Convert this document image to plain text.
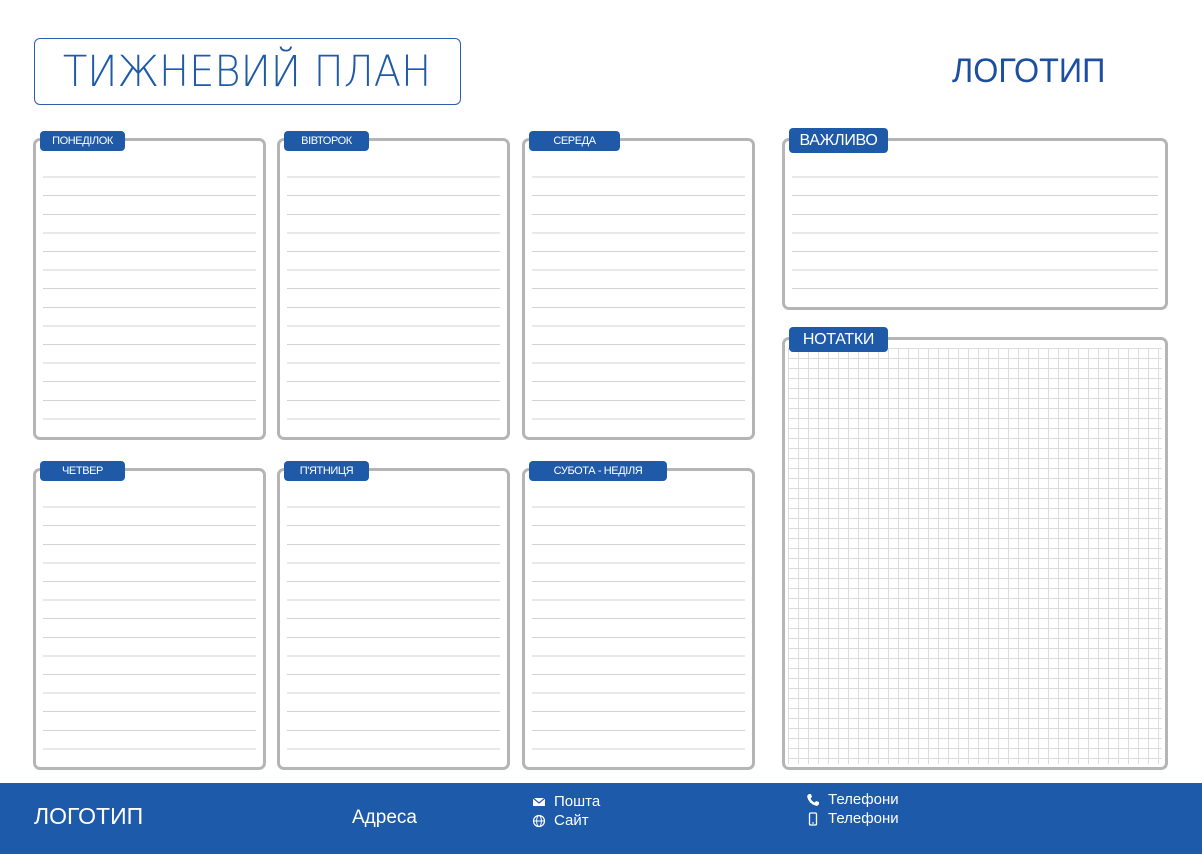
ТИЖНЕВИЙ ПЛАН	ЛОГОТИП
ПОНЕДІЛОК	ВІВТОРОК	СЕРЕДА
ЧЕТВЕР	П'ЯТНИЦЯ	СУБОТА - НЕДІЛЯ
ВАЖЛИВО
НОТАТКИ
ЛОГОТИП	Адреса
Пошта
Сайт
Телефони
Телефони
